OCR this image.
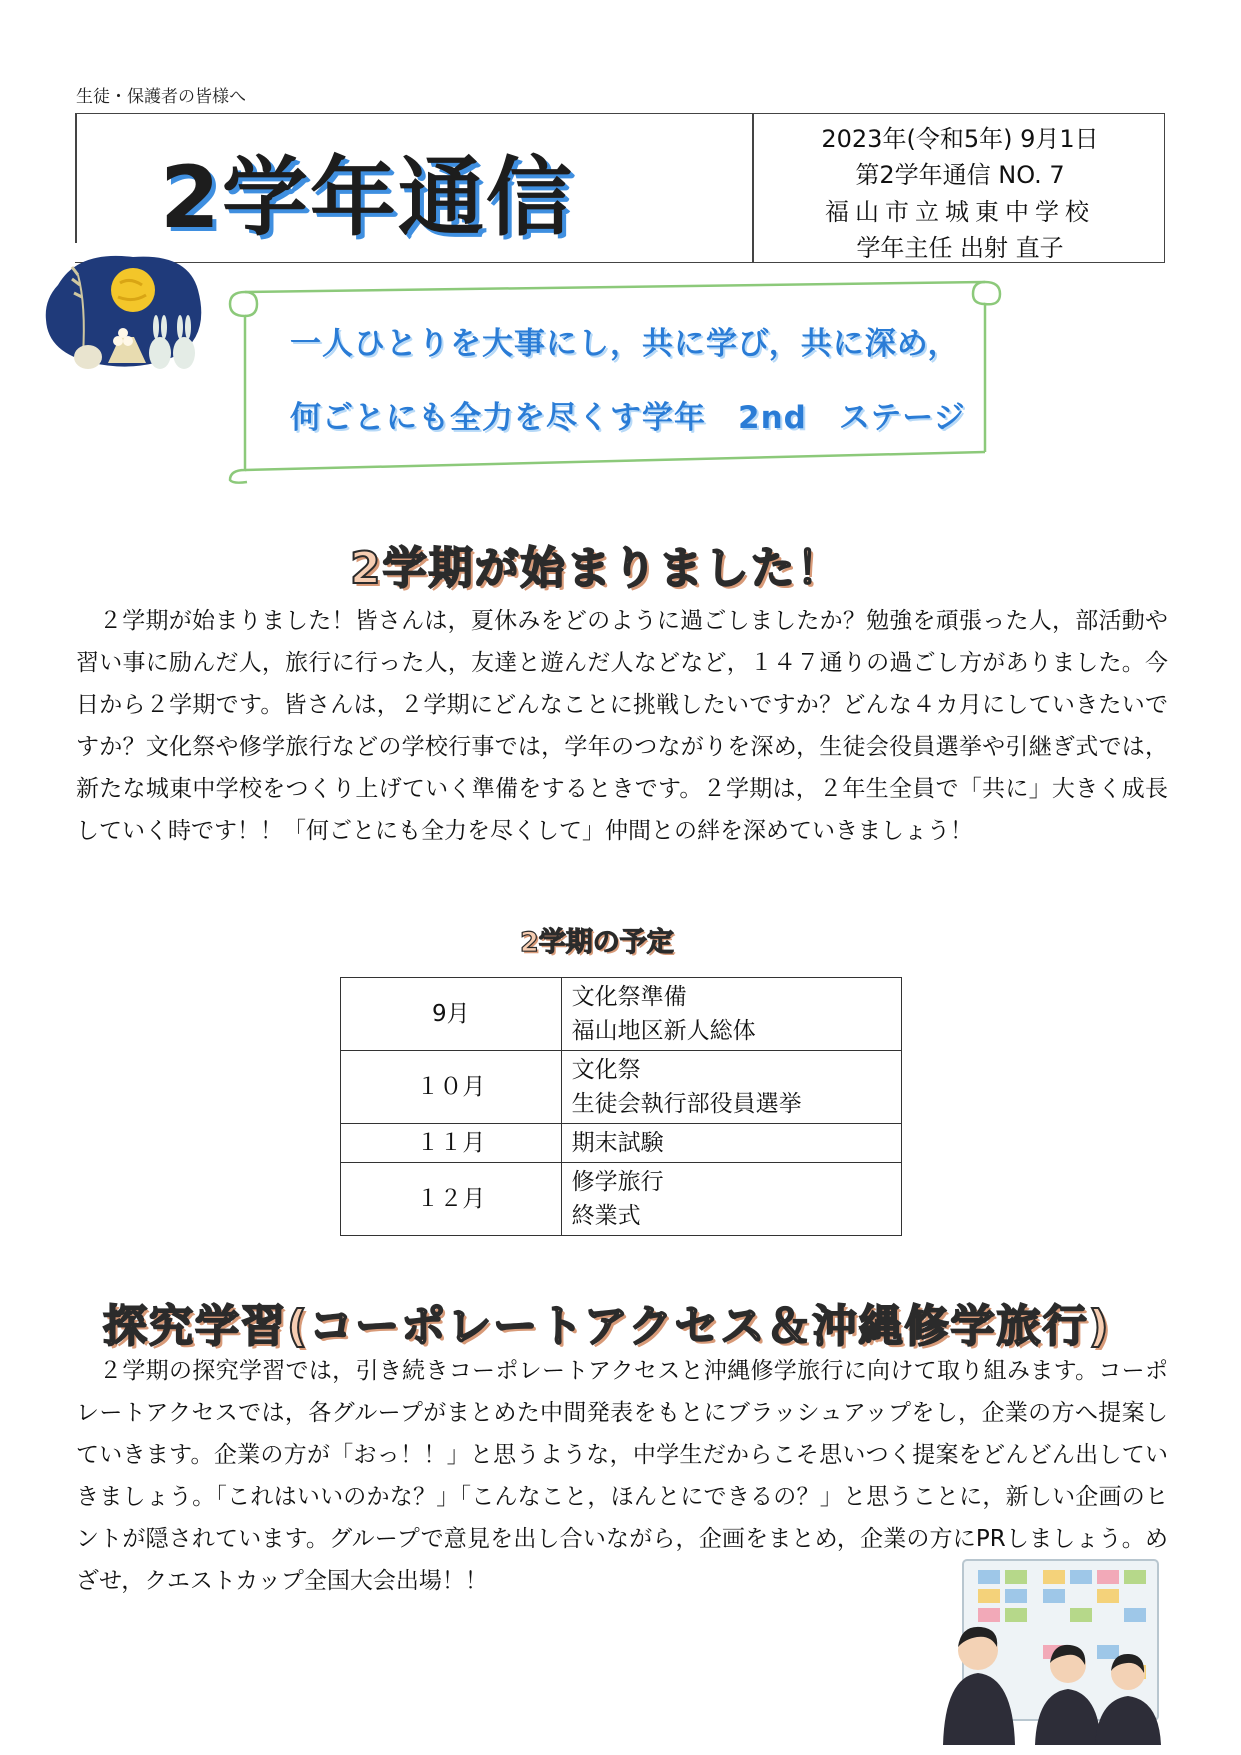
生徒・保護者の皆様へ
2学年通信
2023年(令和5年) 9月1日
第2学年通信 NO. 7
福山市立城東中学校
学年主任 出射 直子
一人ひとりを大事にし，共に学び，共に深め，
何ごとにも全力を尽くす学年　2nd　ステージ
2学期が始まりました！
２学期が始まりました！皆さんは，夏休みをどのように過ごしましたか？勉強を頑張った人，部活動や習い事に励んだ人，旅行に行った人，友達と遊んだ人などなど，１４７通りの過ごし方がありました。今日から２学期です。皆さんは，２学期にどんなことに挑戦したいですか？どんな４カ月にしていきたいですか？文化祭や修学旅行などの学校行事では，学年のつながりを深め，生徒会役員選挙や引継ぎ式では，新たな城東中学校をつくり上げていく準備をするときです。２学期は，２年生全員で「共に」大きく成長していく時です！！「何ごとにも全力を尽くして」仲間との絆を深めていきましょう！
2学期の予定
9月	文化祭準備
福山地区新人総体

１０月	文化祭
生徒会執行部役員選挙

１１月	期末試験

１２月	修学旅行
終業式
探究学習(コーポレートアクセス＆沖縄修学旅行)
２学期の探究学習では，引き続きコーポレートアクセスと沖縄修学旅行に向けて取り組みます。コーポレートアクセスでは，各グループがまとめた中間発表をもとにブラッシュアップをし，企業の方へ提案していきます。企業の方が「おっ！！」と思うような，中学生だからこそ思いつく提案をどんどん出していきましょう。「これはいいのかな？」「こんなこと，ほんとにできるの？」と思うことに，新しい企画のヒントが隠されています。グループで意見を出し合いながら，企画をまとめ，企業の方にPRしましょう。めざせ，クエストカップ全国大会出場！！
